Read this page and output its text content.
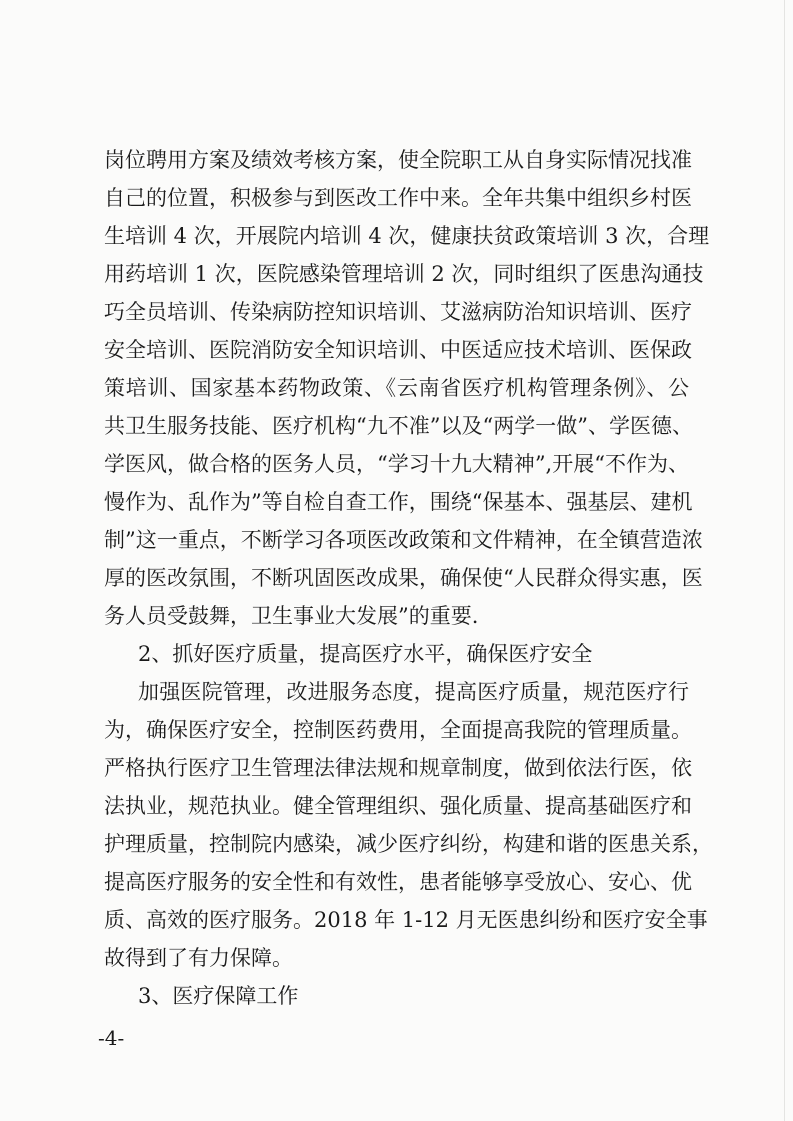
岗位聘用方案及绩效考核方案，使全院职工从自身实际情况找准
自己的位置，积极参与到医改工作中来。全年共集中组织乡村医
生培训 4 次，开展院内培训 4 次，健康扶贫政策培训 3 次，合理
用药培训 1 次，医院感染管理培训 2 次，同时组织了医患沟通技
巧全员培训、传染病防控知识培训、艾滋病防治知识培训、医疗
安全培训、医院消防安全知识培训、中医适应技术培训、医保政
策培训、国家基本药物政策、《云南省医疗机构管理条例》、公
共卫生服务技能、医疗机构“九不准”以及“两学一做”、学医德、
学医风，做合格的医务人员，“学习十九大精神”,开展“不作为、
慢作为、乱作为”等自检自查工作，围绕“保基本、强基层、建机
制”这一重点，不断学习各项医改政策和文件精神，在全镇营造浓
厚的医改氛围，不断巩固医改成果，确保使“人民群众得实惠，医
务人员受鼓舞，卫生事业大发展”的重要.
2、抓好医疗质量，提高医疗水平，确保医疗安全
加强医院管理，改进服务态度，提高医疗质量，规范医疗行
为，确保医疗安全，控制医药费用，全面提高我院的管理质量。
严格执行医疗卫生管理法律法规和规章制度，做到依法行医，依
法执业，规范执业。健全管理组织、强化质量、提高基础医疗和
护理质量，控制院内感染，减少医疗纠纷，构建和谐的医患关系，
提高医疗服务的安全性和有效性，患者能够享受放心、安心、优
质、高效的医疗服务。2018 年 1-12 月无医患纠纷和医疗安全事
故得到了有力保障。
3、医疗保障工作
-4-
